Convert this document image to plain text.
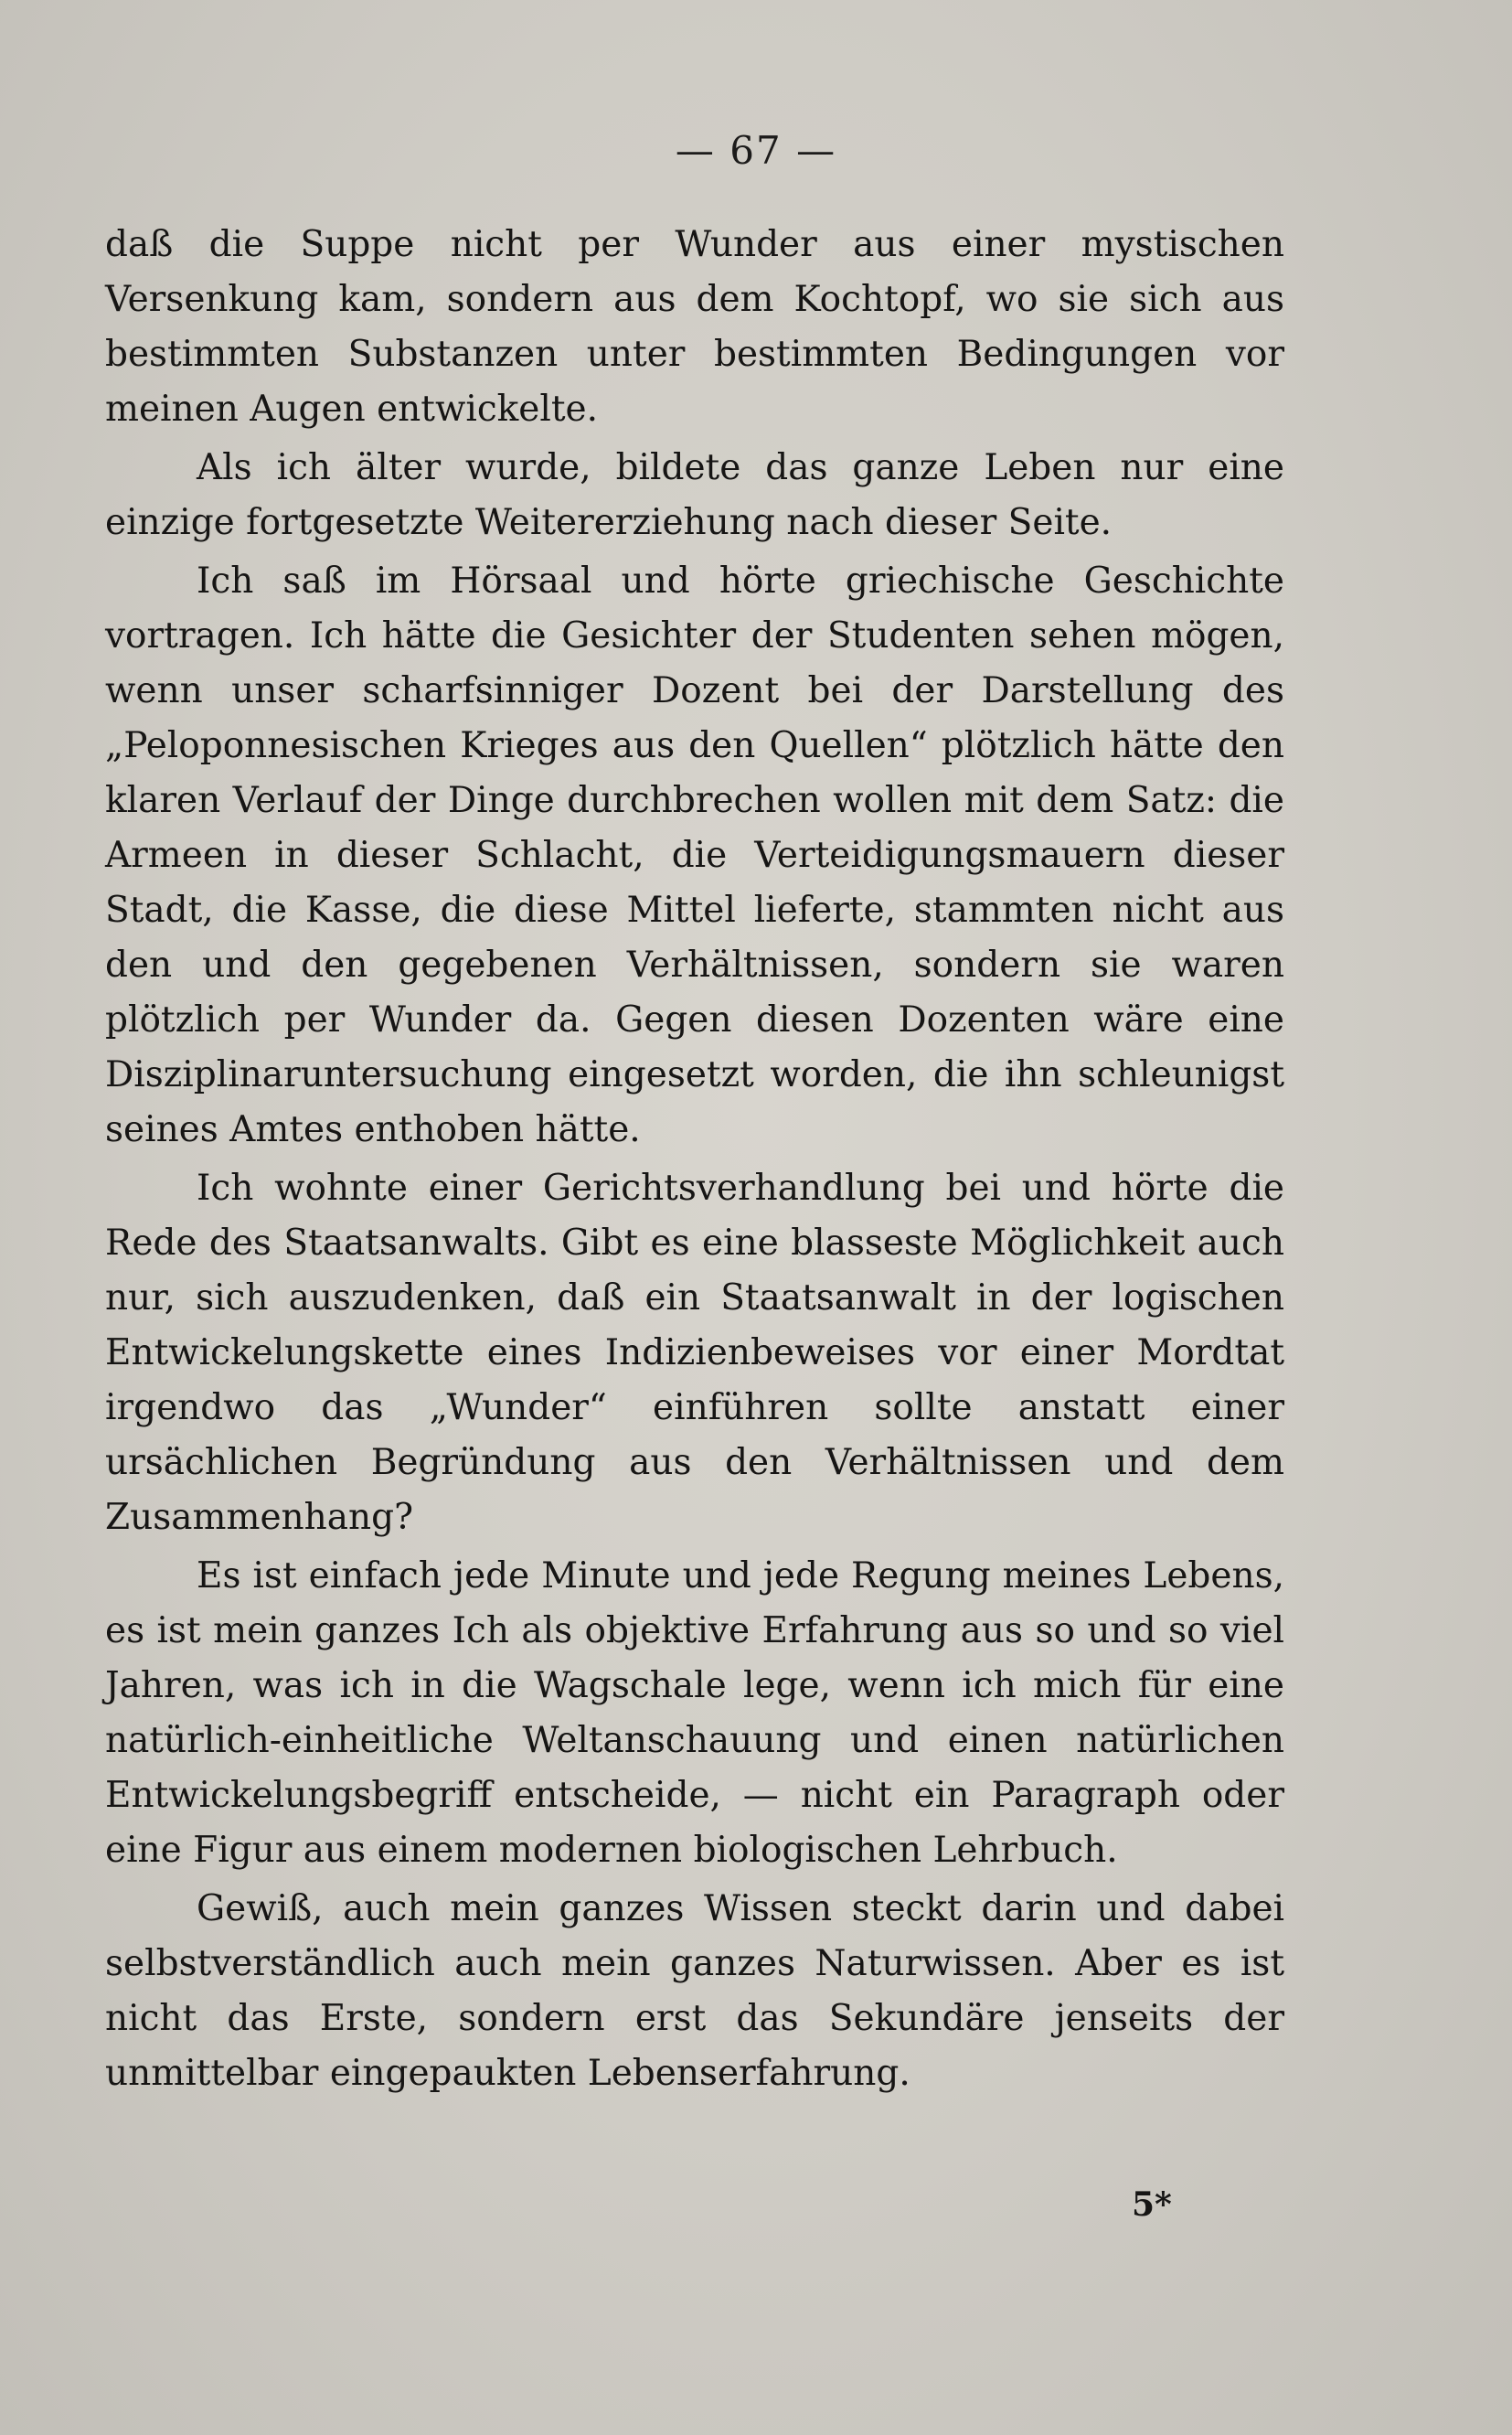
— 67 —

daß die Suppe nicht per Wunder aus einer mystischen Versenkung kam, sondern aus dem Kochtopf, wo sie sich aus bestimmten Substanzen unter bestimmten Bedingungen vor meinen Augen entwickelte.

Als ich älter wurde, bildete das ganze Leben nur eine einzige fortgesetzte Weitererziehung nach dieser Seite.

Ich saß im Hörsaal und hörte griechische Geschichte vortragen. Ich hätte die Gesichter der Studenten sehen mögen, wenn unser scharfsinniger Dozent bei der Darstellung des „Peloponnesischen Krieges aus den Quellen“ plötzlich hätte den klaren Verlauf der Dinge durchbrechen wollen mit dem Satz: die Armeen in dieser Schlacht, die Verteidigungsmauern dieser Stadt, die Kasse, die diese Mittel lieferte, stammten nicht aus den und den gegebenen Verhältnissen, sondern sie waren plötzlich per Wunder da. Gegen diesen Dozenten wäre eine Disziplinaruntersuchung eingesetzt worden, die ihn schleunigst seines Amtes enthoben hätte.

Ich wohnte einer Gerichtsverhandlung bei und hörte die Rede des Staatsanwalts. Gibt es eine blasseste Möglichkeit auch nur, sich auszudenken, daß ein Staatsanwalt in der logischen Entwickelungskette eines Indizienbeweises vor einer Mordtat irgendwo das „Wunder“ einführen sollte anstatt einer ursächlichen Begründung aus den Verhältnissen und dem Zusammenhang?

Es ist einfach jede Minute und jede Regung meines Lebens, es ist mein ganzes Ich als objektive Erfahrung aus so und so viel Jahren, was ich in die Wagschale lege, wenn ich mich für eine natürlich-einheitliche Weltanschauung und einen natürlichen Entwickelungsbegriff entscheide, — nicht ein Paragraph oder eine Figur aus einem modernen biologischen Lehrbuch.

Gewiß, auch mein ganzes Wissen steckt darin und dabei selbstverständlich auch mein ganzes Naturwissen. Aber es ist nicht das Erste, sondern erst das Sekundäre jenseits der unmittelbar eingepaukten Lebenserfahrung.

5*
